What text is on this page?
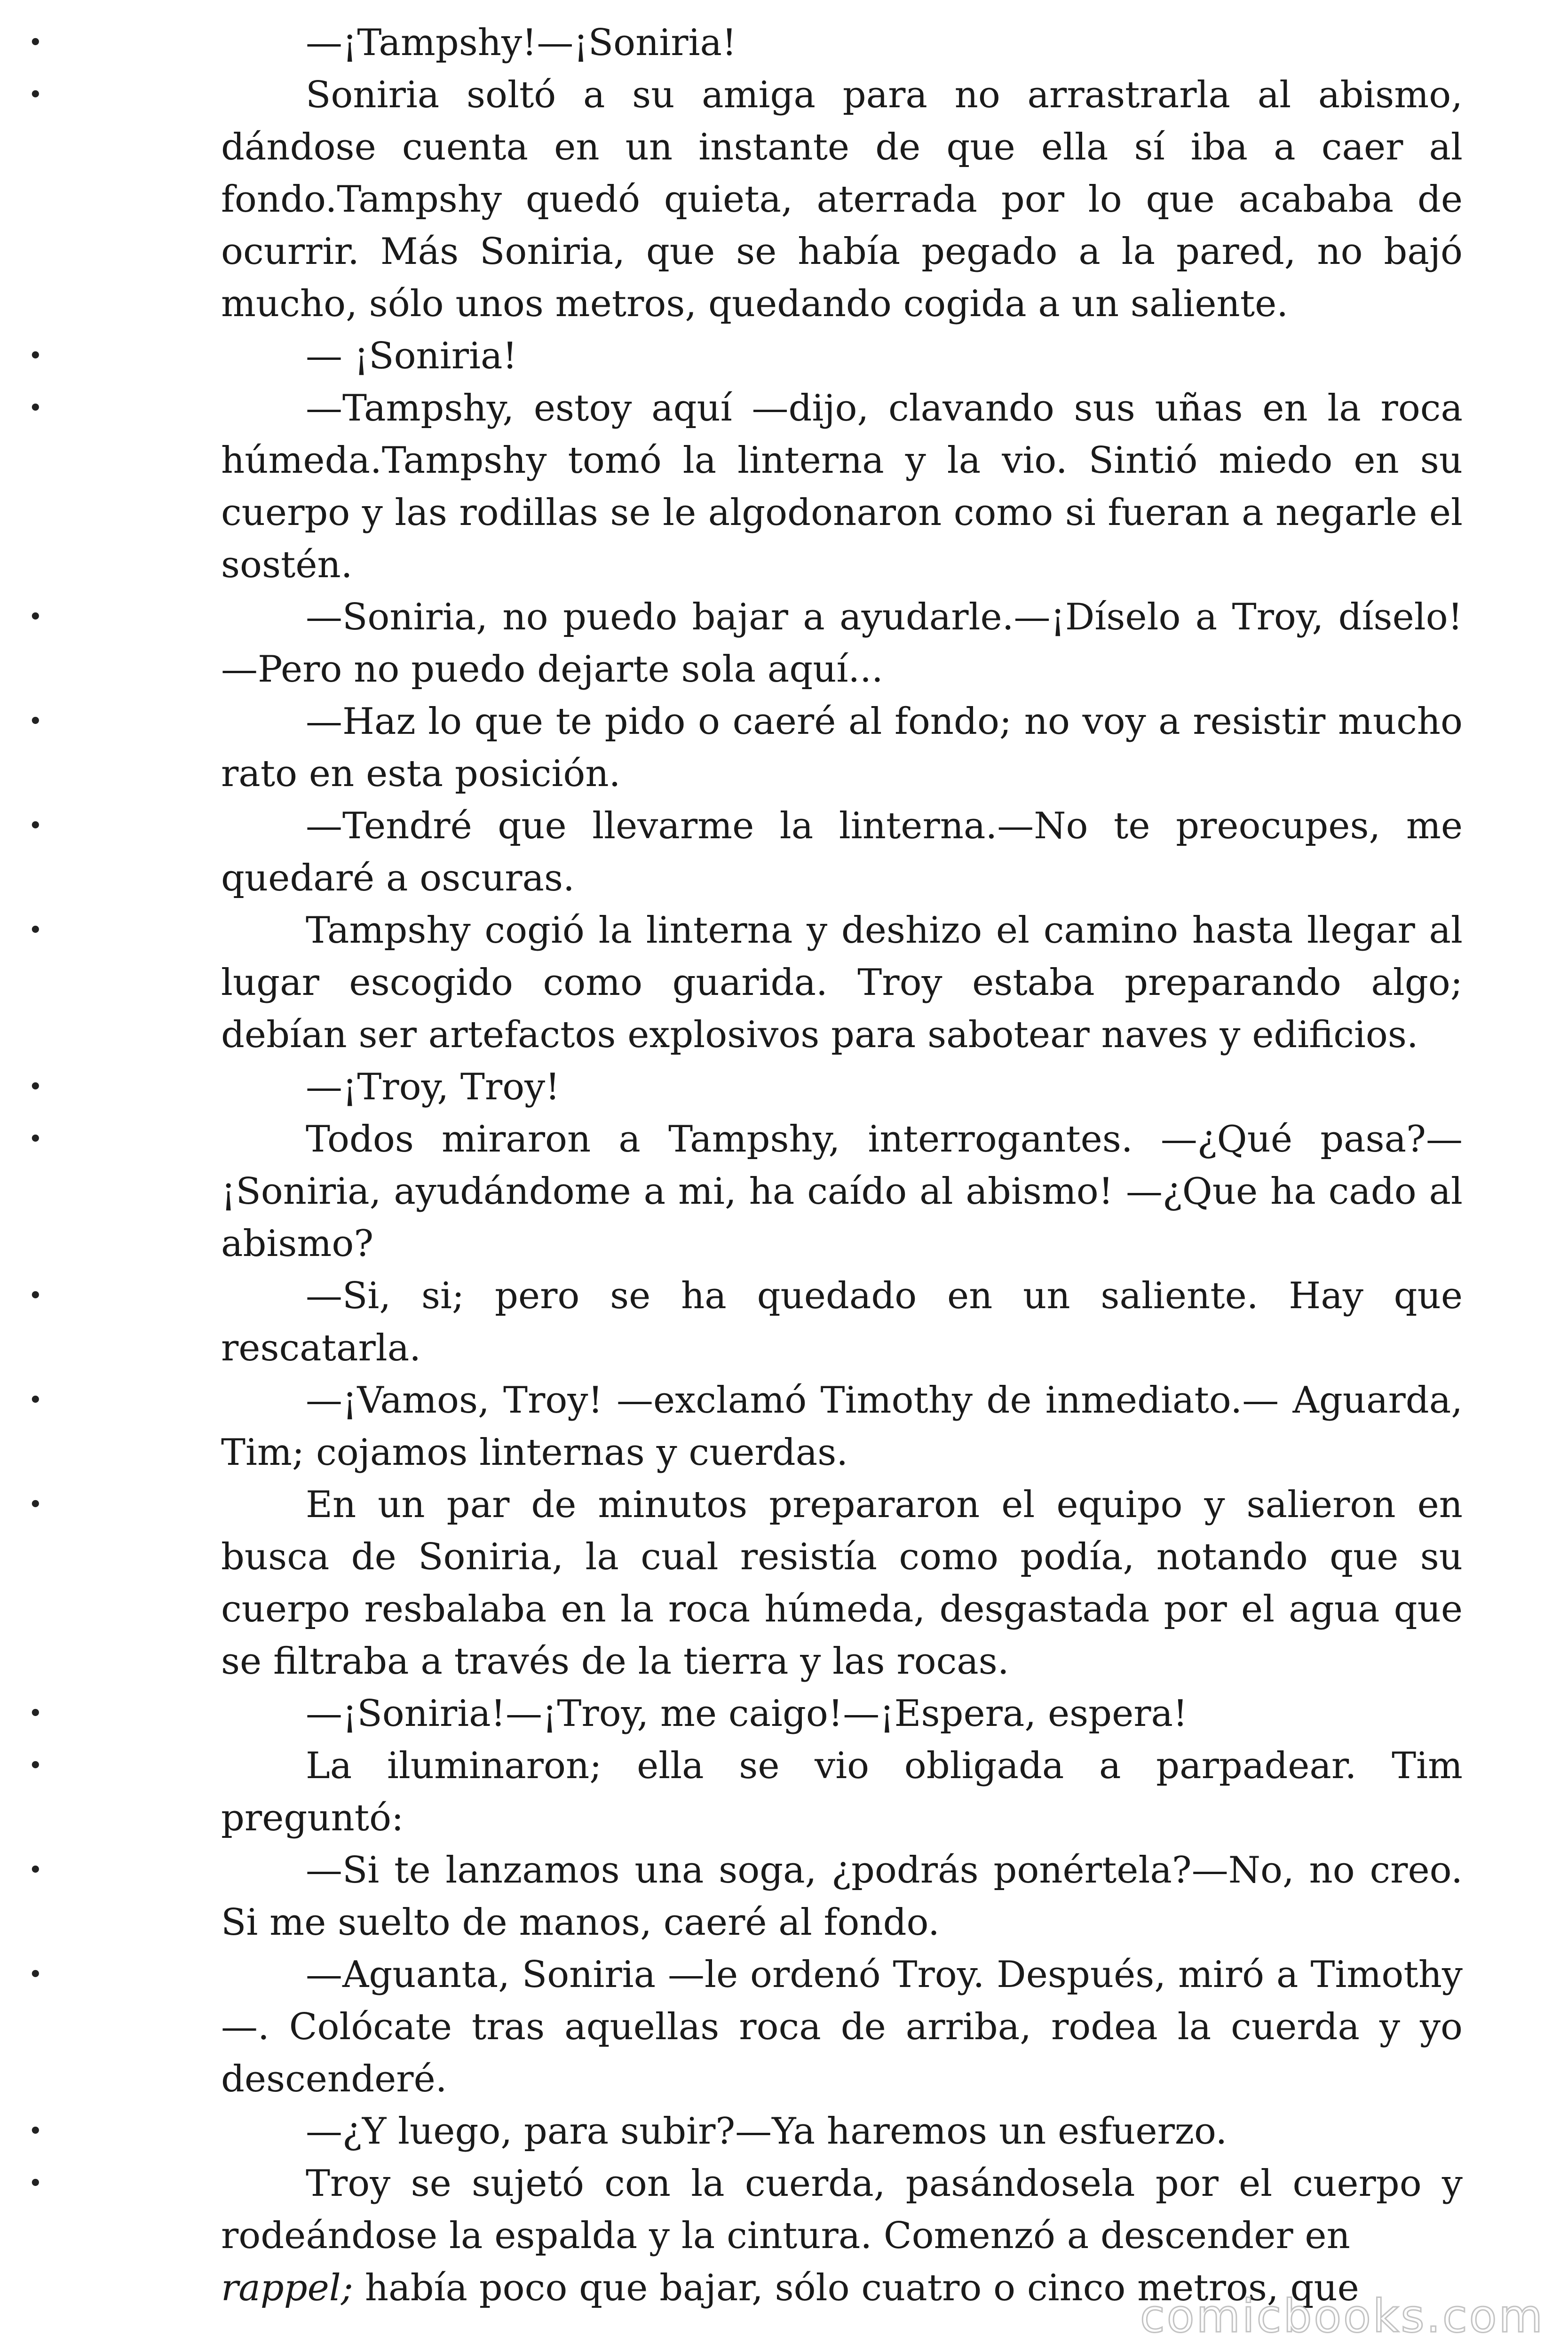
• —¡Tampshy!—¡Soniria!
• Soniria soltó a su amiga para no arrastrarla al abismo, dándose cuenta en un instante de que ella sí iba a caer al fondo.Tampshy quedó quieta, aterrada por lo que acababa de ocurrir. Más Soniria, que se había pegado a la pared, no bajó mucho, sólo unos metros, quedando cogida a un saliente.
• — ¡Soniria!
• —Tampshy, estoy aquí —dijo, clavando sus uñas en la roca húmeda.Tampshy tomó la linterna y la vio. Sintió miedo en su cuerpo y las rodillas se le algodonaron como si fueran a negarle el sostén.
• —Soniria, no puedo bajar a ayudarle.—¡Díselo a Troy, díselo!—Pero no puedo dejarte sola aquí...
• —Haz lo que te pido o caeré al fondo; no voy a resistir mucho rato en esta posición.
• —Tendré que llevarme la linterna.—No te preocupes, me quedaré a oscuras.
• Tampshy cogió la linterna y deshizo el camino hasta llegar al lugar escogido como guarida. Troy estaba preparando algo; debían ser artefactos explosivos para sabotear naves y edificios.
• —¡Troy, Troy!
• Todos miraron a Tampshy, interrogantes. —¿Qué pasa?— ¡Soniria, ayudándome a mi, ha caído al abismo! —¿Que ha cado al abismo?
• —Si, si; pero se ha quedado en un saliente. Hay que rescatarla.
• —¡Vamos, Troy! —exclamó Timothy de inmediato.— Aguarda, Tim; cojamos linternas y cuerdas.
• En un par de minutos prepararon el equipo y salieron en busca de Soniria, la cual resistía como podía, notando que su cuerpo resbalaba en la roca húmeda, desgastada por el agua que se filtraba a través de la tierra y las rocas.
• —¡Soniria!—¡Troy, me caigo!—¡Espera, espera!
• La iluminaron; ella se vio obligada a parpadear. Tim preguntó:
• —Si te lanzamos una soga, ¿podrás ponértela?—No, no creo. Si me suelto de manos, caeré al fondo.
• —Aguanta, Soniria —le ordenó Troy. Después, miró a Timothy—. Colócate tras aquellas roca de arriba, rodea la cuerda y yo descenderé.
• —¿Y luego, para subir?—Ya haremos un esfuerzo.
• Troy se sujetó con la cuerda, pasándosela por el cuerpo y rodeándose la espalda y la cintura. Comenzó a descender en
rappel; había poco que bajar, sólo cuatro o cinco metros, que
comicbooks.com
